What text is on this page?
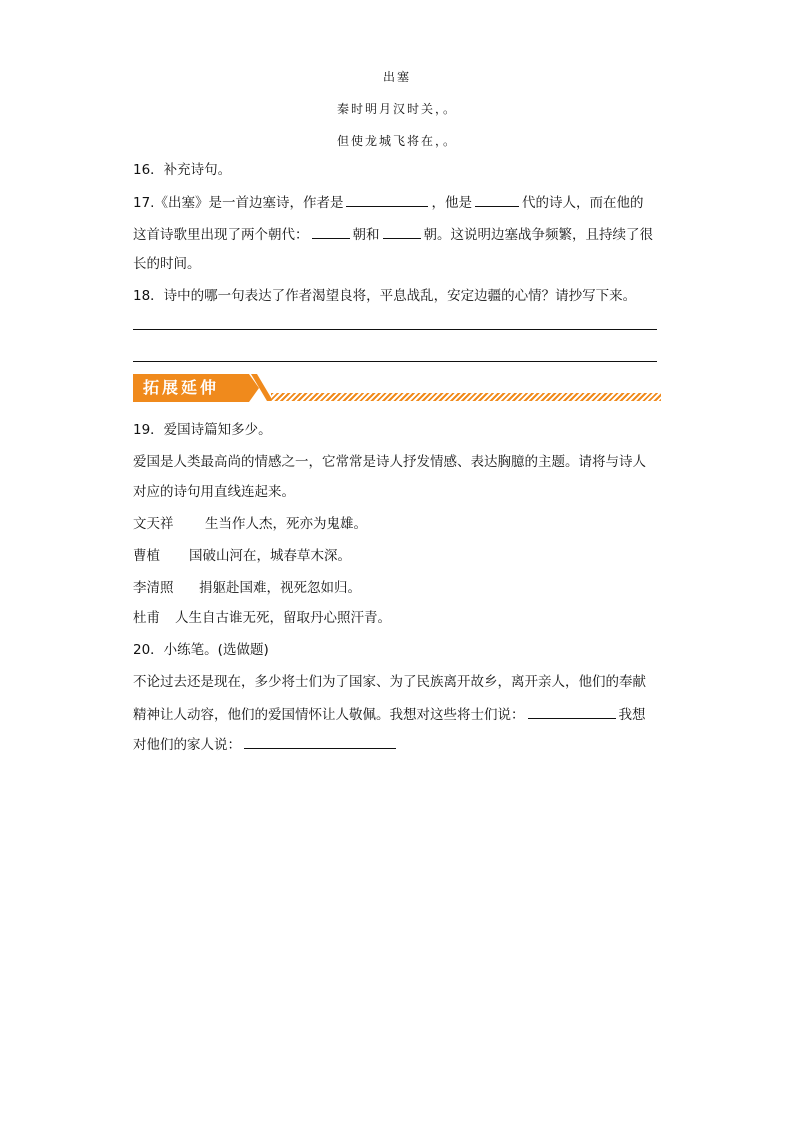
出塞
秦时明月汉时关，。
但使龙城飞将在，。
16．补充诗句。
17.《出塞》是一首边塞诗，作者是	，他是	代的诗人，而在他的
这首诗歌里出现了两个朝代：	朝和	朝。这说明边塞战争频繁，且持续了很
长的时间。
18．诗中的哪一句表达了作者渴望良将，平息战乱，安定边疆的心情？请抄写下来。
拓展延伸
19．爱国诗篇知多少。
爱国是人类最高尚的情感之一，它常常是诗人抒发情感、表达胸臆的主题。请将与诗人
对应的诗句用直线连起来。
文天祥 生当作人杰，死亦为鬼雄。
曹植 国破山河在，城春草木深。
李清照 捐躯赴国难，视死忽如归。
杜甫 人生自古谁无死，留取丹心照汗青。
20．小练笔。(选做题)
不论过去还是现在，多少将士们为了国家、为了民族离开故乡，离开亲人，他们的奉献
精神让人动容，他们的爱国情怀让人敬佩。我想对这些将士们说：	我想
对他们的家人说：
